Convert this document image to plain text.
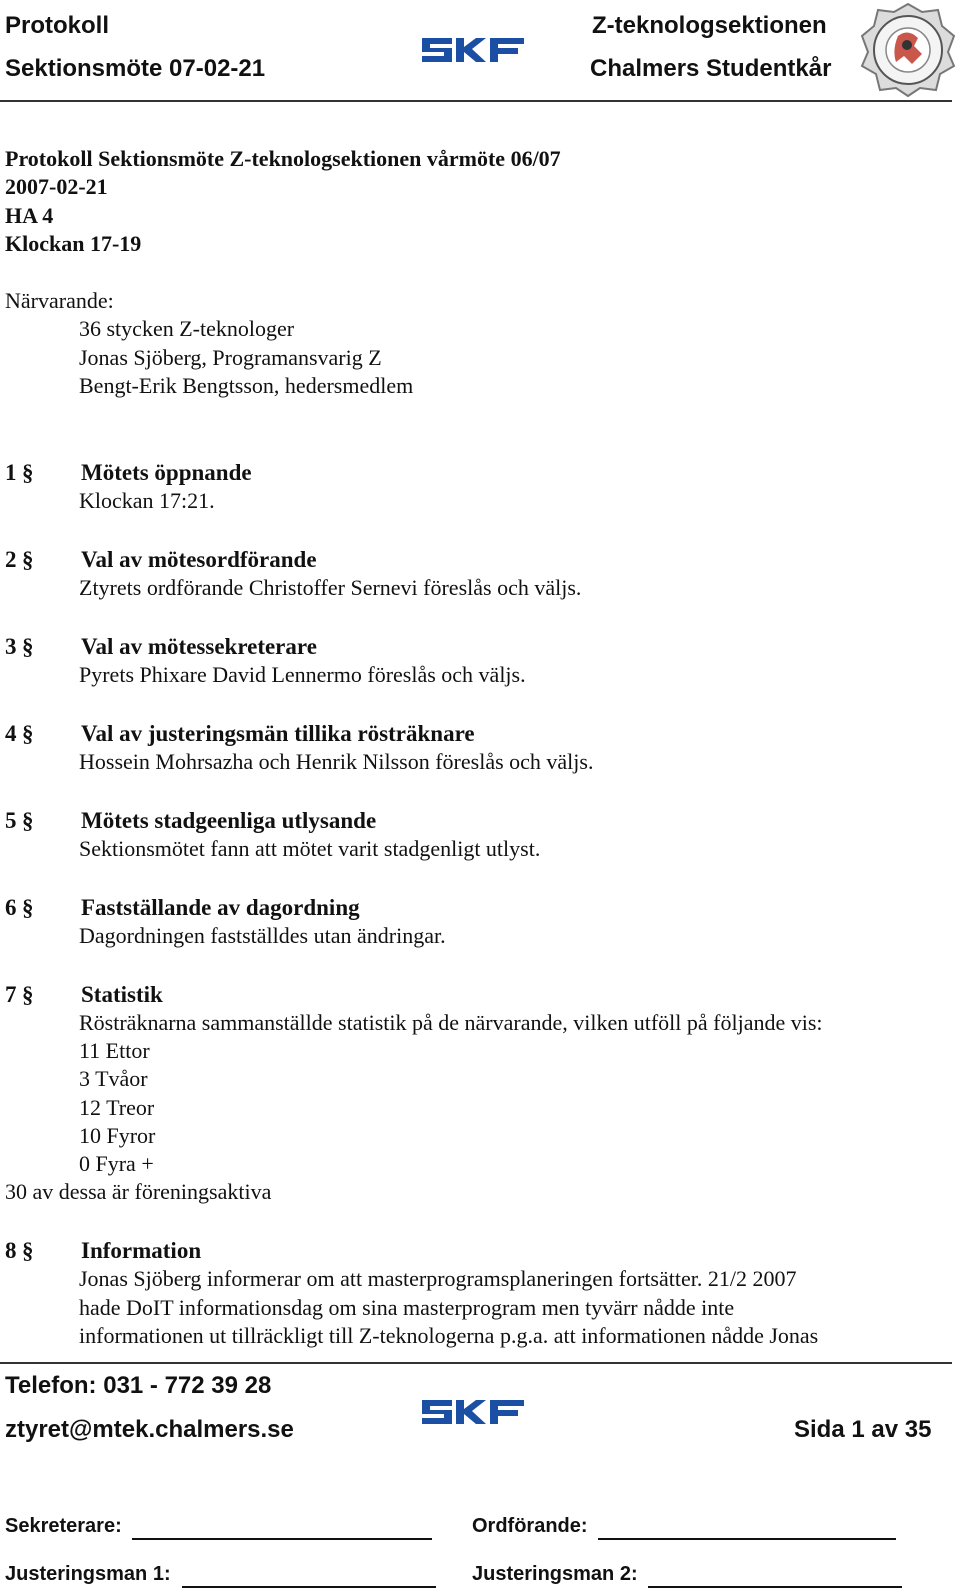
Protokoll
Sektionsmöte 07-02-21
Z-teknologsektionen
Chalmers Studentkår
Protokoll Sektionsmöte Z-teknologsektionen vårmöte 06/07
2007-02-21
HA 4
Klockan 17-19
Närvarande:
36 stycken Z-teknologer
Jonas Sjöberg, Programansvarig Z
Bengt-Erik Bengtsson, hedersmedlem
1 § Mötets öppnande
Klockan 17:21.
2 § Val av mötesordförande
Ztyrets ordförande Christoffer Sernevi föreslås och väljs.
3 § Val av mötessekreterare
Pyrets Phixare David Lennermo föreslås och väljs.
4 § Val av justeringsmän tillika rösträknare
Hossein Mohrsazha och Henrik Nilsson föreslås och väljs.
5 § Mötets stadgeenliga utlysande
Sektionsmötet fann att mötet varit stadgenligt utlyst.
6 § Fastställande av dagordning
Dagordningen fastställdes utan ändringar.
7 § Statistik
Rösträknarna sammanställde statistik på de närvarande, vilken utföll på följande vis:
11 Ettor
3 Tvåor
12 Treor
10 Fyror
0 Fyra +
30 av dessa är föreningsaktiva
8 § Information
Jonas Sjöberg informerar om att masterprogramsplaneringen fortsätter. 21/2 2007
hade DoIT informationsdag om sina masterprogram men tyvärr nådde inte
informationen ut tillräckligt till Z-teknologerna p.g.a. att informationen nådde Jonas
Telefon: 031 - 772 39 28
ztyret@mtek.chalmers.se	Sida 1 av 35
Sekreterare:	Ordförande:
Justeringsman 1:	Justeringsman 2:
